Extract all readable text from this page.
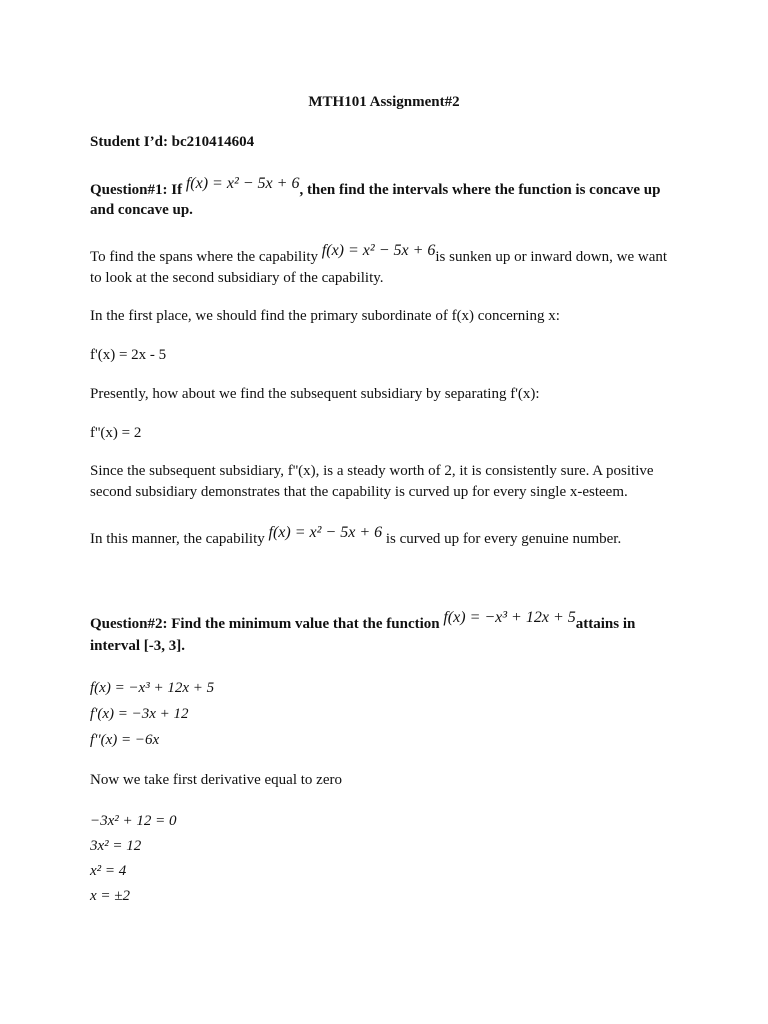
MTH101 Assignment#2
Student I’d: bc210414604
Question#1: If f(x) = x² − 5x + 6, then find the intervals where the function is concave up
and concave up.
To find the spans where the capability f(x) = x² − 5x + 6is sunken up or inward down, we want
to look at the second subsidiary of the capability.
In the first place, we should find the primary subordinate of f(x) concerning x:
f'(x) = 2x - 5
Presently, how about we find the subsequent subsidiary by separating f'(x):
f''(x) = 2
Since the subsequent subsidiary, f''(x), is a steady worth of 2, it is consistently sure. A positive
second subsidiary demonstrates that the capability is curved up for every single x-esteem.
In this manner, the capability f(x) = x² − 5x + 6 is curved up for every genuine number.
Question#2: Find the minimum value that the function f(x) = −x³ + 12x + 5attains in
interval [-3, 3].
f(x) = −x³ + 12x + 5
f'(x) = −3x + 12
f''(x) = −6x
Now we take first derivative equal to zero
−3x² + 12 = 0
3x² = 12
x² = 4
x = ±2
